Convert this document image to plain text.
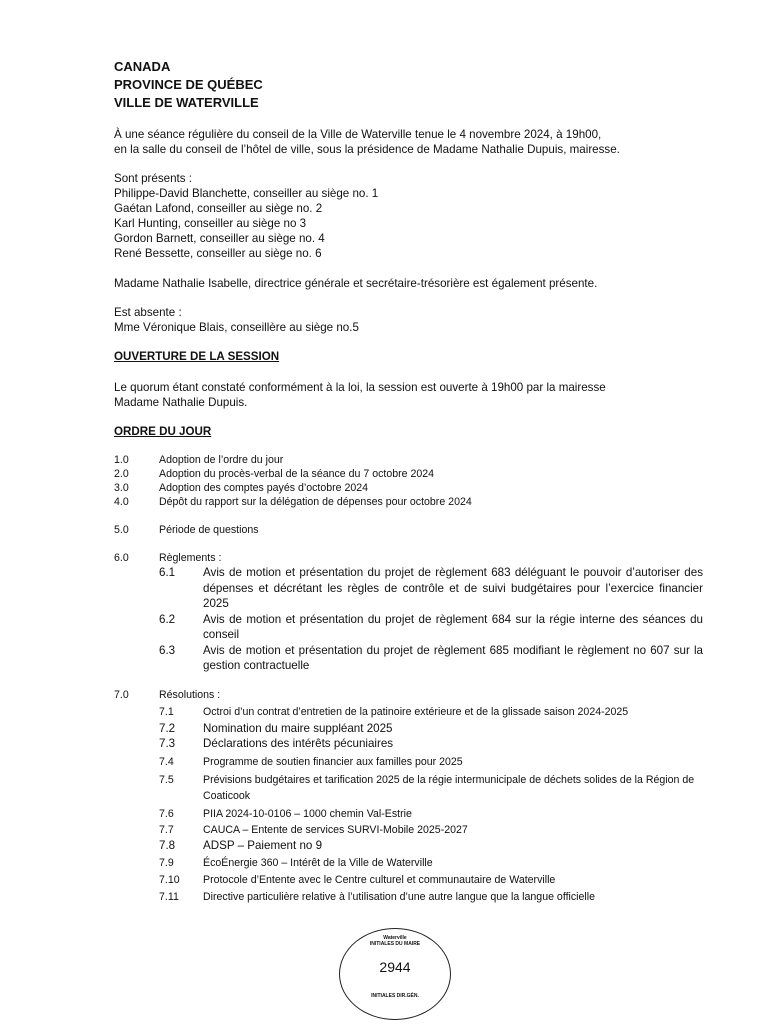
CANADA
PROVINCE DE QUÉBEC
VILLE DE WATERVILLE
À une séance régulière du conseil de la Ville de Waterville tenue le 4 novembre 2024, à 19h00,
en la salle du conseil de l’hôtel de ville, sous la présidence de Madame Nathalie Dupuis, mairesse.
Sont présents :
Philippe-David Blanchette, conseiller au siège no. 1
Gaétan Lafond, conseiller au siège no. 2
Karl Hunting, conseiller au siège no 3
Gordon Barnett, conseiller au siège no. 4
René Bessette, conseiller au siège no. 6
Madame Nathalie Isabelle, directrice générale et secrétaire-trésorière est également présente.
Est absente :
Mme Véronique Blais, conseillère au siège no.5
OUVERTURE DE LA SESSION
Le quorum étant constaté conformément à la loi, la session est ouverte à 19h00 par la mairesse
Madame Nathalie Dupuis.
ORDRE DU JOUR
1.0	Adoption de l’ordre du jour
2.0	Adoption du procès-verbal de la séance du 7 octobre 2024
3.0	Adoption des comptes payés d’octobre 2024
4.0	Dépôt du rapport sur la délégation de dépenses pour octobre 2024
5.0	Période de questions
6.0	Règlements :
6.1 Avis de motion et présentation du projet de règlement 683 déléguant le pouvoir d’autoriser des dépenses et décrétant les règles de contrôle et de suivi budgétaires pour l’exercice financier 2025
6.2 Avis de motion et présentation du projet de règlement 684 sur la régie interne des séances du conseil
6.3 Avis de motion et présentation du projet de règlement 685 modifiant le règlement no 607 sur la gestion contractuelle
7.0	Résolutions :
7.1	Octroi d’un contrat d’entretien de la patinoire extérieure et de la glissade saison 2024-2025
7.2 Nomination du maire suppléant 2025
7.3 Déclarations des intérêts pécuniaires
7.4	Programme de soutien financier aux familles pour 2025
7.5	Prévisions budgétaires et tarification 2025 de la régie intermunicipale de déchets solides de la Région de Coaticook
7.6	PIIA 2024-10-0106 – 1000 chemin Val-Estrie
7.7	CAUCA – Entente de services SURVI-Mobile 2025-2027
7.8 ADSP – Paiement no 9
7.9	ÉcoÉnergie 360 – Intérêt de la Ville de Waterville
7.10 Protocole d’Entente avec le Centre culturel et communautaire de Waterville
7.11 Directive particulière relative à l’utilisation d’une autre langue que la langue officielle
Waterville
INITIALES DU MAIRE
2944
INITIALES DIR.GÉN.
